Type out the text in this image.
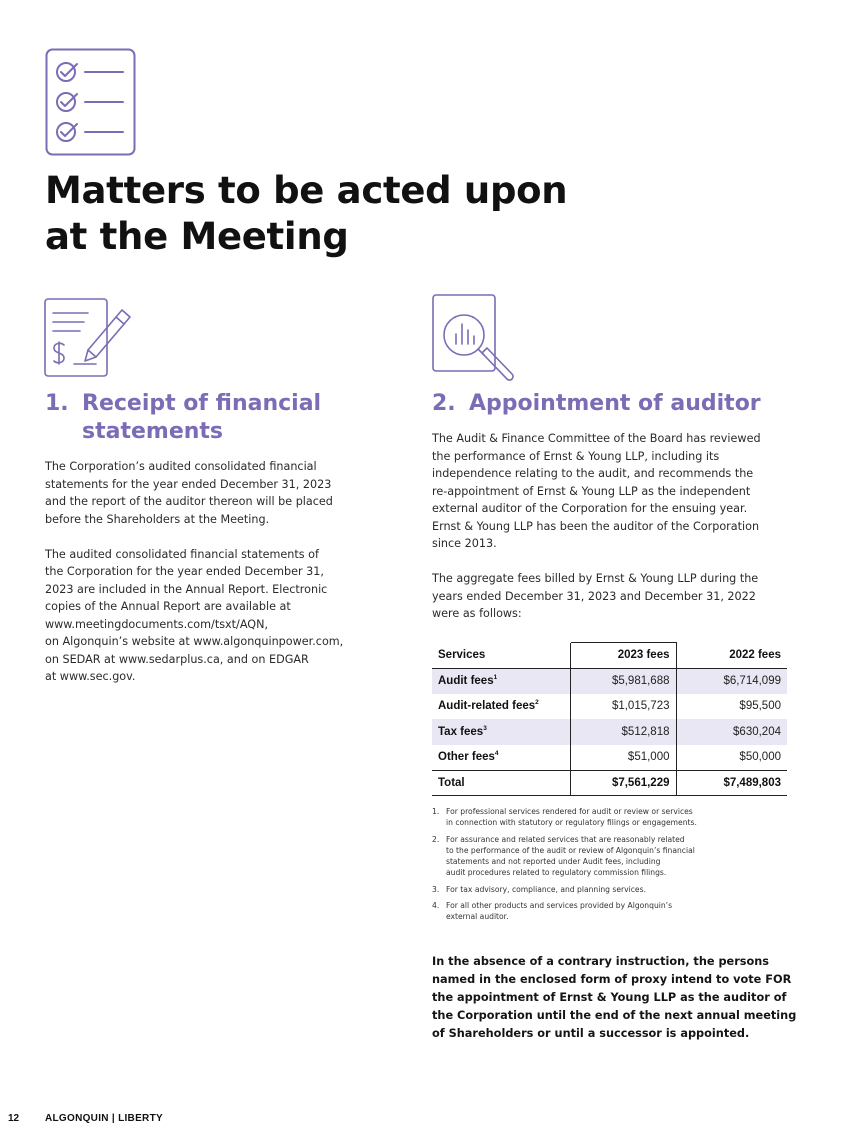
Matters to be acted upon
at the Meeting
1. Receipt of financial
statements
2. Appointment of auditor
The Corporation’s audited consolidated financial
statements for the year ended December 31, 2023
and the report of the auditor thereon will be placed
before the Shareholders at the Meeting.
The audited consolidated financial statements of
the Corporation for the year ended December 31,
2023 are included in the Annual Report. Electronic
copies of the Annual Report are available at
www.meetingdocuments.com/tsxt/AQN,
on Algonquin’s website at www.algonquinpower.com,
on SEDAR at www.sedarplus.ca, and on EDGAR
at www.sec.gov.
The Audit & Finance Committee of the Board has reviewed
the performance of Ernst & Young LLP, including its
independence relating to the audit, and recommends the
re-appointment of Ernst & Young LLP as the independent
external auditor of the Corporation for the ensuing year.
Ernst & Young LLP has been the auditor of the Corporation
since 2013.
The aggregate fees billed by Ernst & Young LLP during the
years ended December 31, 2023 and December 31, 2022
were as follows:
Services	2023 fees	2022 fees
Audit fees$^1$	$5,981,688	$6,714,099
Audit-related fees$^2$	$1,015,723	$95,500
Tax fees$^3$	$512,818	$630,204
Other fees$^4$	$51,000	$50,000
Total	$7,561,229	$7,489,803
1. For professional services rendered for audit or review or services
in connection with statutory or regulatory filings or engagements.
2. For assurance and related services that are reasonably related
to the performance of the audit or review of Algonquin’s financial
statements and not reported under Audit fees, including
audit procedures related to regulatory commission filings.
3. For tax advisory, compliance, and planning services.
4. For all other products and services provided by Algonquin’s
external auditor.
In the absence of a contrary instruction, the persons
named in the enclosed form of proxy intend to vote FOR
the appointment of Ernst & Young LLP as the auditor of
the Corporation until the end of the next annual meeting
of Shareholders or until a successor is appointed.
12	ALGONQUIN | LIBERTY
